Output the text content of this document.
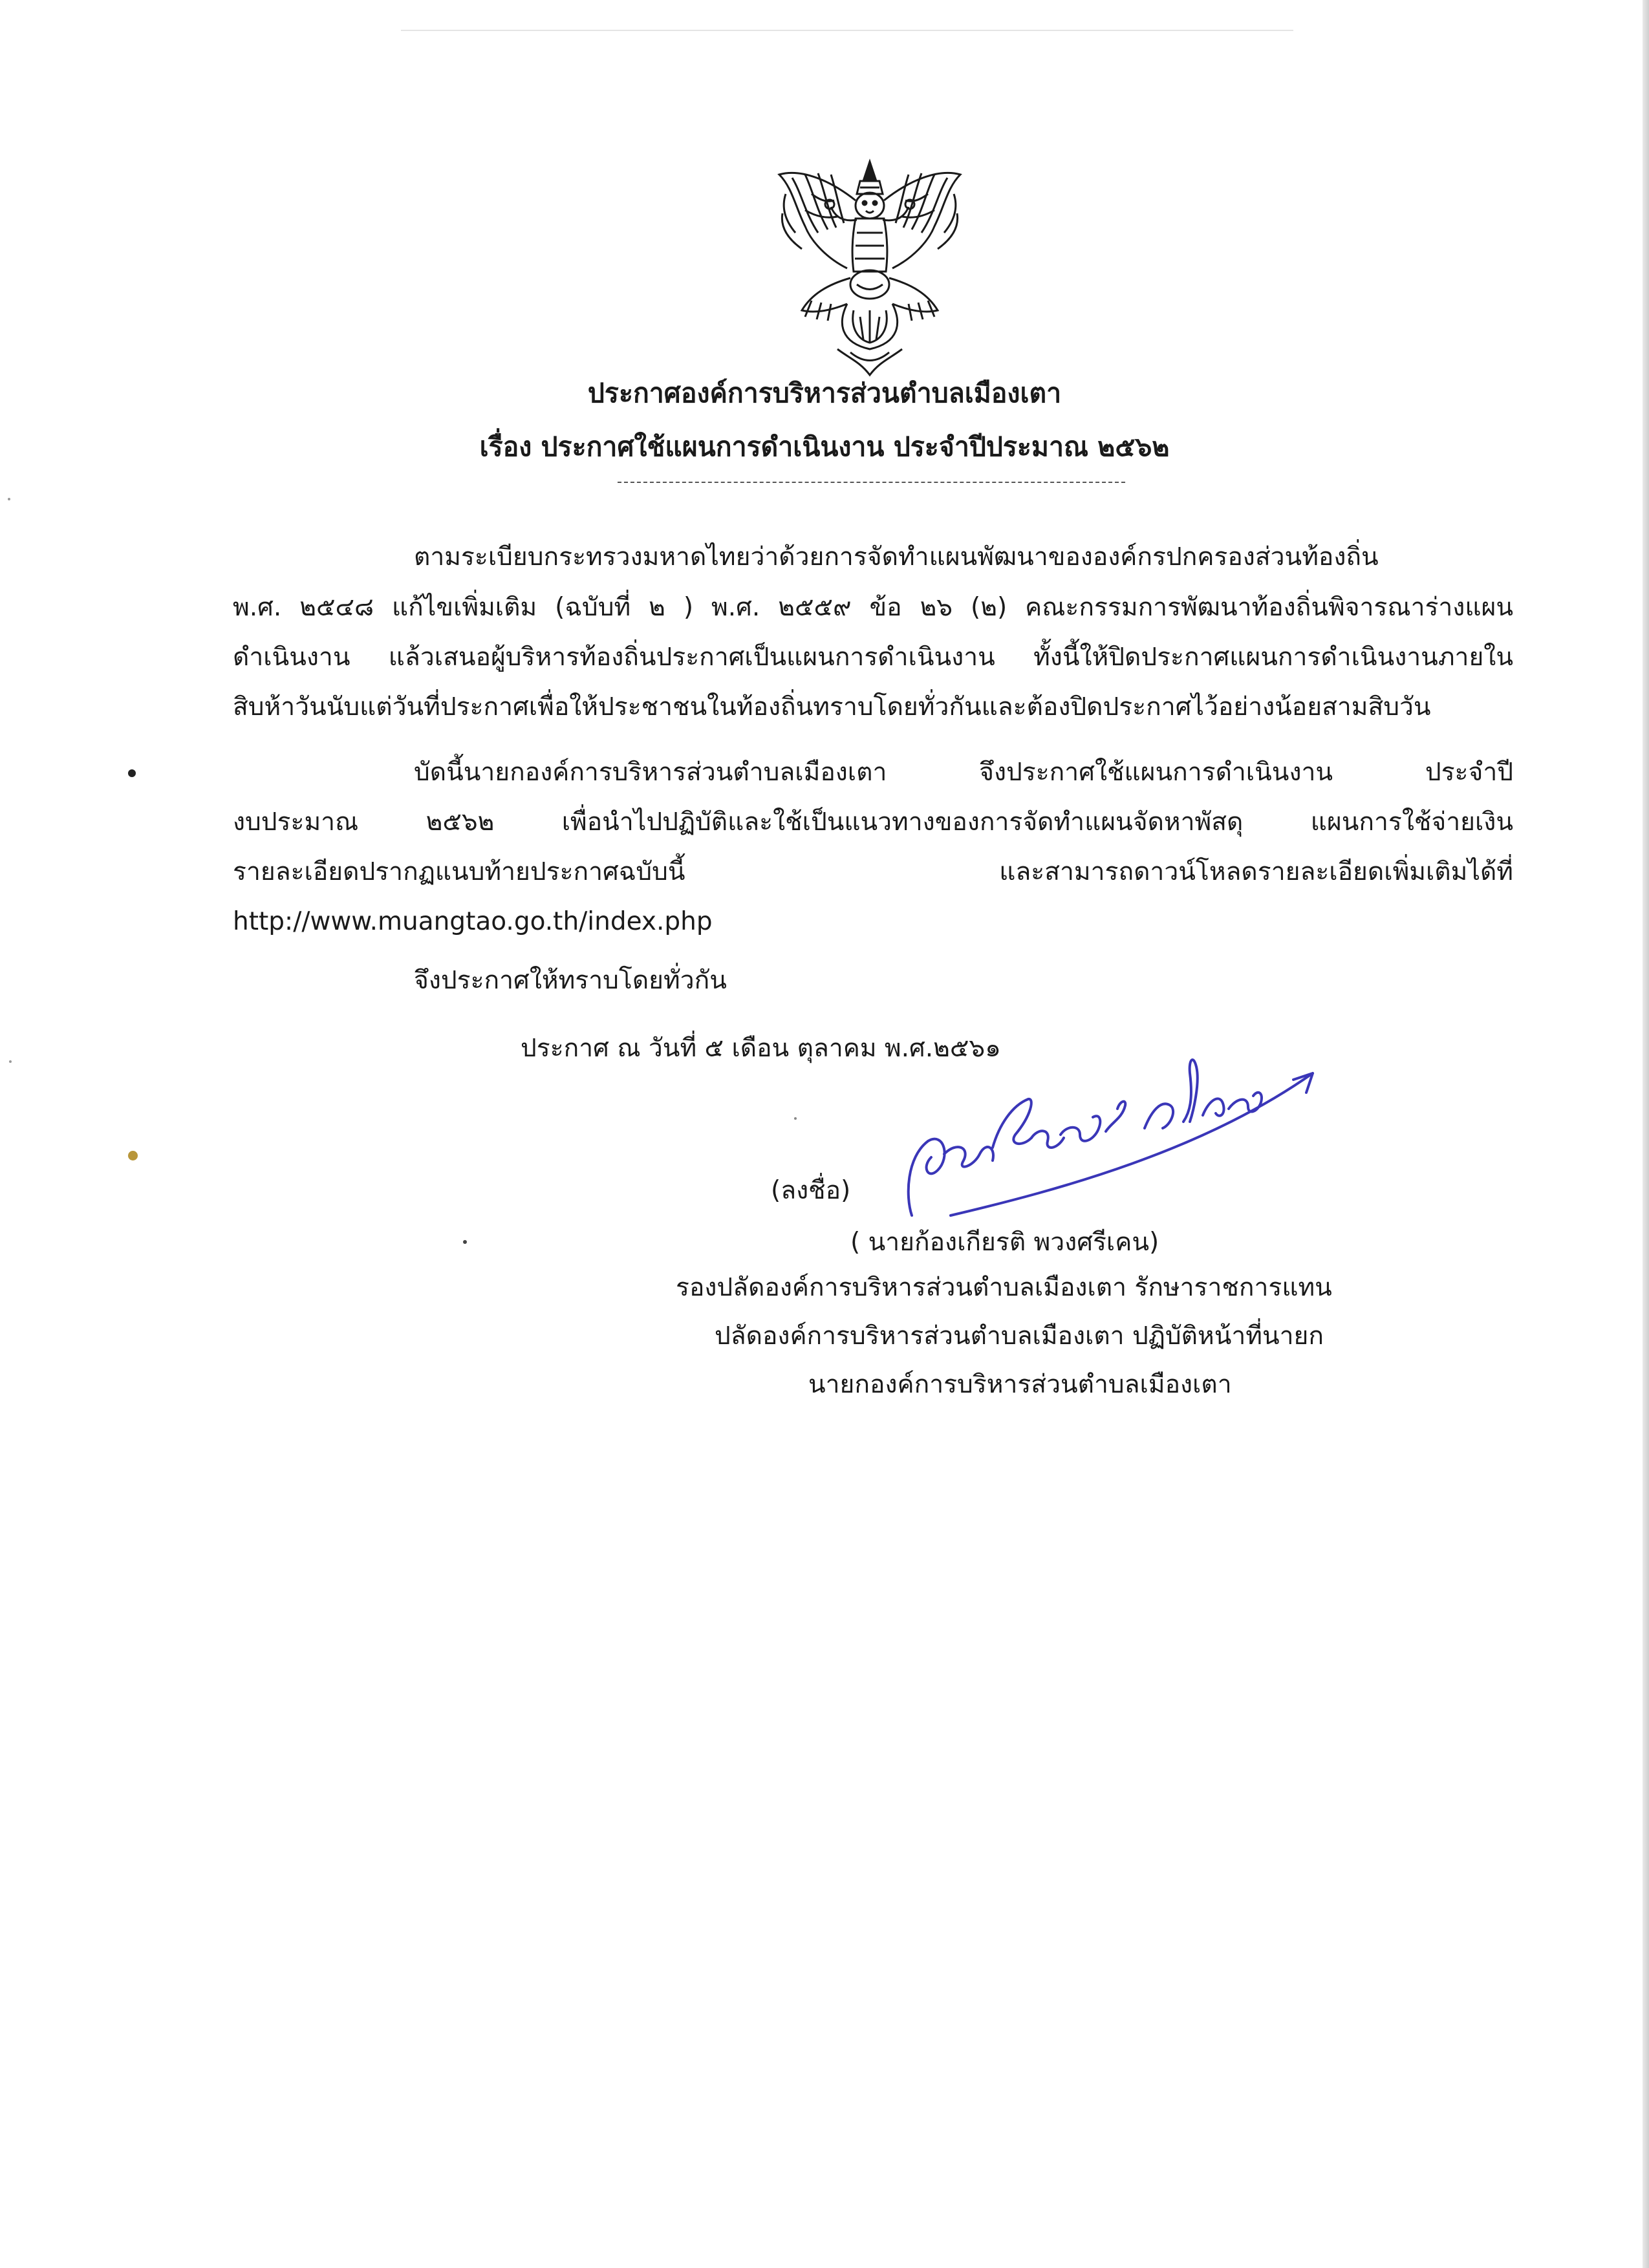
ประกาศองค์การบริหารส่วนตำบลเมืองเตา
เรื่อง ประกาศใช้แผนการดำเนินงาน ประจำปีประมาณ ๒๕๖๒
ตามระเบียบกระทรวงมหาดไทยว่าด้วยการจัดทำแผนพัฒนาขององค์กรปกครองส่วนท้องถิ่น
พ.ศ. ๒๕๔๘ แก้ไขเพิ่มเติม (ฉบับที่ ๒ ) พ.ศ. ๒๕๕๙ ข้อ ๒๖ (๒) คณะกรรมการพัฒนาท้องถิ่นพิจารณาร่างแผน
ดำเนินงาน แล้วเสนอผู้บริหารท้องถิ่นประกาศเป็นแผนการดำเนินงาน ทั้งนี้ให้ปิดประกาศแผนการดำเนินงานภายใน
สิบห้าวันนับแต่วันที่ประกาศเพื่อให้ประชาชนในท้องถิ่นทราบโดยทั่วกันและต้องปิดประกาศไว้อย่างน้อยสามสิบวัน
บัดนี้นายกองค์การบริหารส่วนตำบลเมืองเตา จึงประกาศใช้แผนการดำเนินงาน ประจำปี
งบประมาณ ๒๕๖๒ เพื่อนำไปปฏิบัติและใช้เป็นแนวทางของการจัดทำแผนจัดหาพัสดุ แผนการใช้จ่ายเงิน
รายละเอียดปรากฏแนบท้ายประกาศฉบับนี้ และสามารถดาวน์โหลดรายละเอียดเพิ่มเติมได้ที่
http://www.muangtao.go.th/index.php
จึงประกาศให้ทราบโดยทั่วกัน
ประกาศ ณ วันที่ ๕ เดือน ตุลาคม พ.ศ.๒๕๖๑
(ลงชื่อ)
( นายก้องเกียรติ พวงศรีเคน)
รองปลัดองค์การบริหารส่วนตำบลเมืองเตา รักษาราชการแทน
ปลัดองค์การบริหารส่วนตำบลเมืองเตา ปฏิบัติหน้าที่นายก
นายกองค์การบริหารส่วนตำบลเมืองเตา
